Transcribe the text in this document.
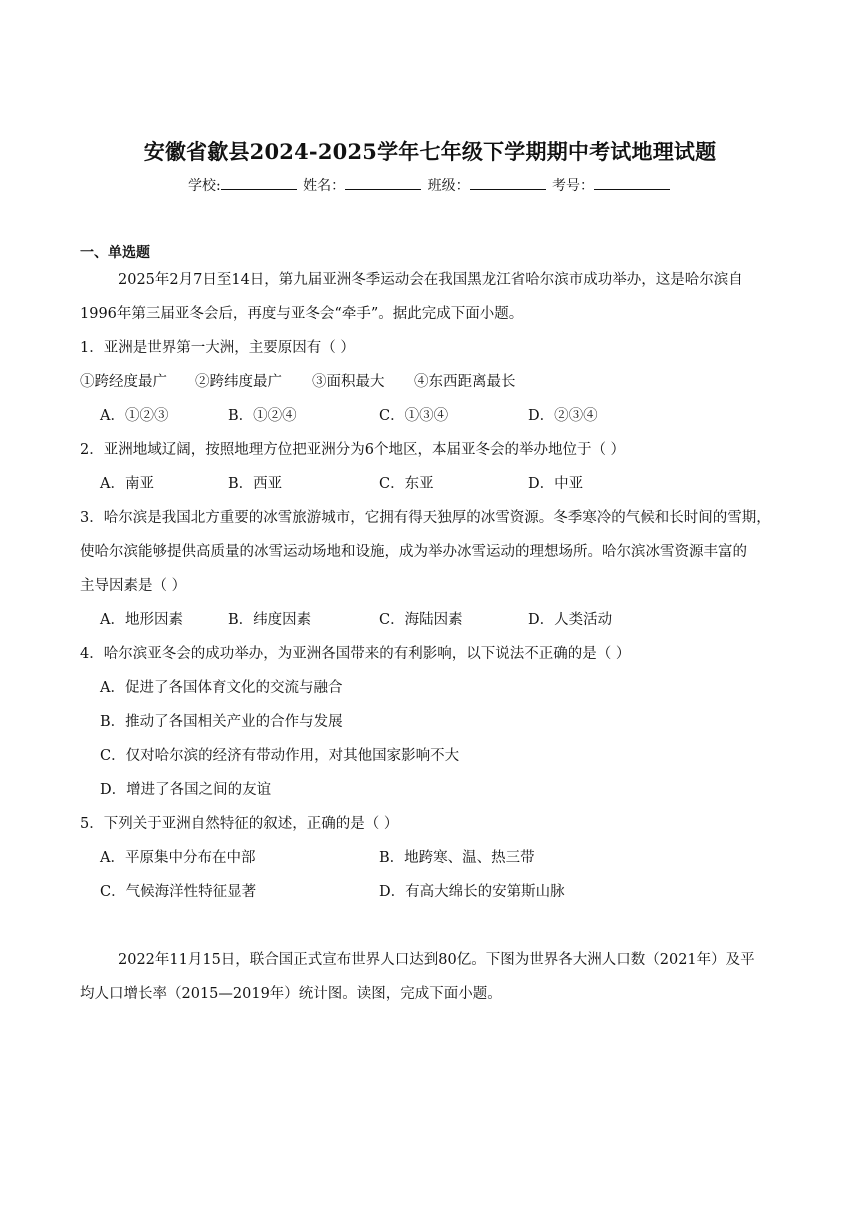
安徽省歙县2024-2025学年七年级下学期期中考试地理试题
学校:	姓名：	班级：	考号：
一、单选题
2025年2月7日至14日，第九届亚洲冬季运动会在我国黑龙江省哈尔滨市成功举办，这是哈尔滨自
1996年第三届亚冬会后，再度与亚冬会“牵手”。据此完成下面小题。
1．亚洲是世界第一大洲，主要原因有（ ）
①跨经度最广 ②跨纬度最广 ③面积最大 ④东西距离最长
A．①②③	B．①②④	C．①③④	D．②③④
2．亚洲地域辽阔，按照地理方位把亚洲分为6个地区，本届亚冬会的举办地位于（ ）
A．南亚	B．西亚	C．东亚	D．中亚
3．哈尔滨是我国北方重要的冰雪旅游城市，它拥有得天独厚的冰雪资源。冬季寒冷的气候和长时间的雪期，
使哈尔滨能够提供高质量的冰雪运动场地和设施，成为举办冰雪运动的理想场所。哈尔滨冰雪资源丰富的
主导因素是（ ）
A．地形因素	B．纬度因素	C．海陆因素	D．人类活动
4．哈尔滨亚冬会的成功举办，为亚洲各国带来的有利影响，以下说法不正确的是（ ）
A．促进了各国体育文化的交流与融合
B．推动了各国相关产业的合作与发展
C．仅对哈尔滨的经济有带动作用，对其他国家影响不大
D．增进了各国之间的友谊
5．下列关于亚洲自然特征的叙述，正确的是（ ）
A．平原集中分布在中部	B．地跨寒、温、热三带
C．气候海洋性特征显著	D．有高大绵长的安第斯山脉
2022年11月15日，联合国正式宣布世界人口达到80亿。下图为世界各大洲人口数（2021年）及平
均人口增长率（2015—2019年）统计图。读图，完成下面小题。
